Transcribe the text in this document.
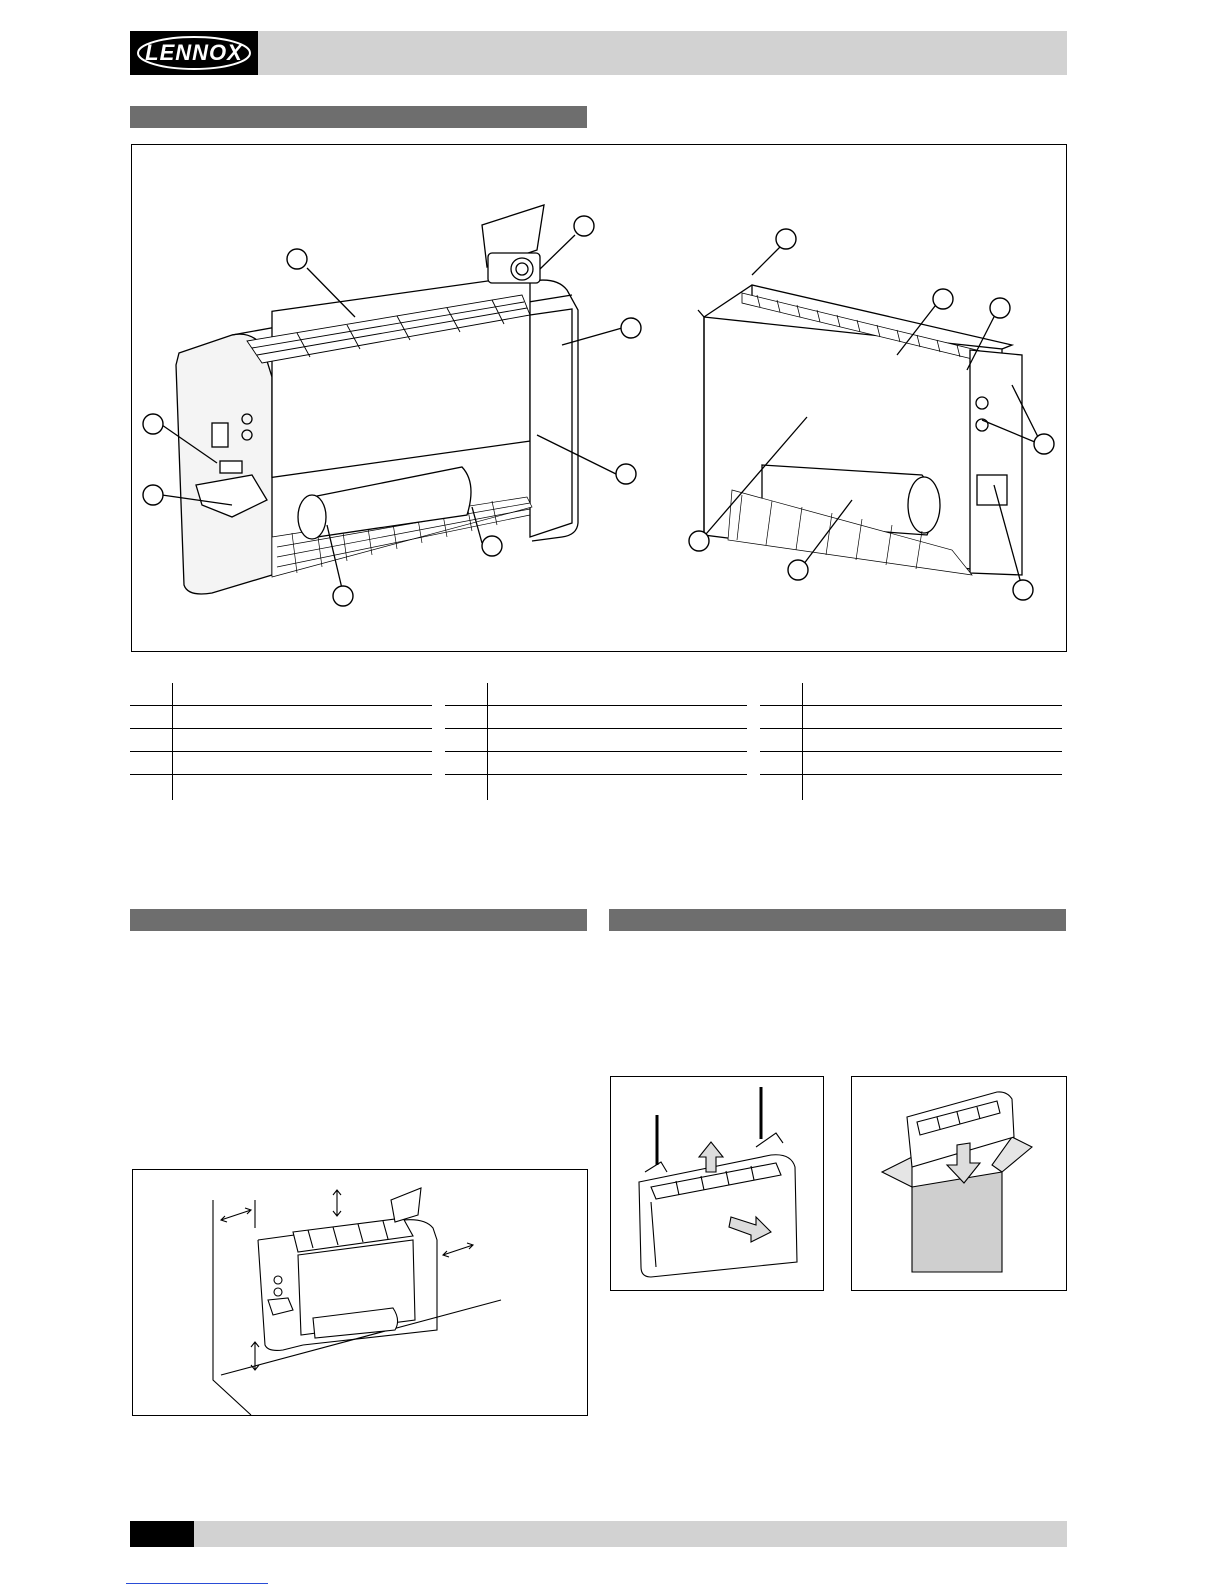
LENNOX
